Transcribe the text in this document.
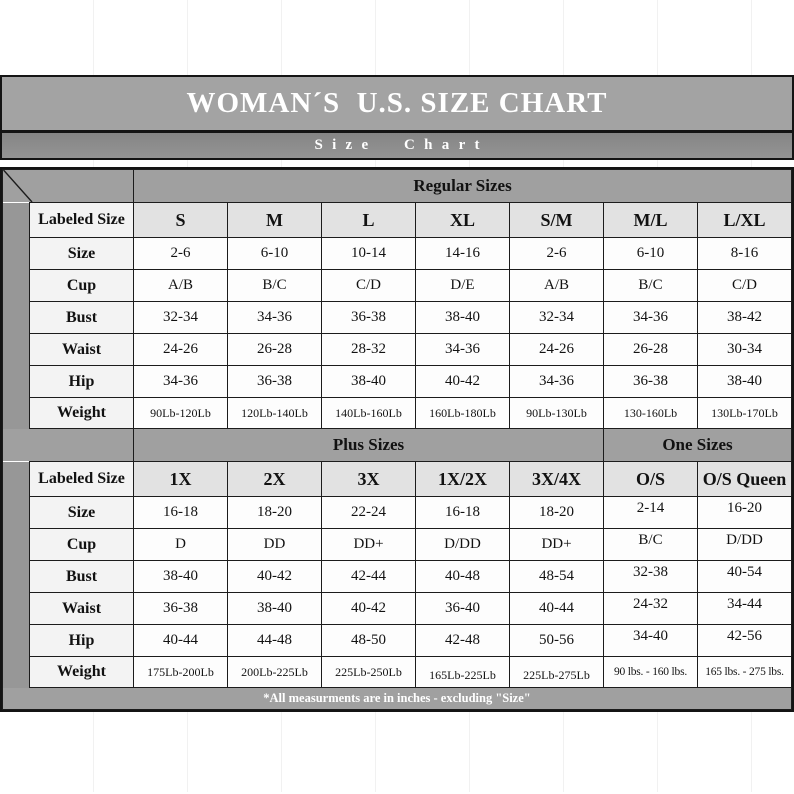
WOMAN´S  U.S. SIZE CHART
Size Chart
	Regular Sizes						
	Labeled Size	S	M	L	XL	S/M	M/L	L/XL
	Size	2-6	6-10	10-14	14-16	2-6	6-10	8-16
	Cup	A/B	B/C	C/D	D/E	A/B	B/C	C/D
	Bust	32-34	34-36	36-38	38-40	32-34	34-36	38-42
	Waist	24-26	26-28	28-32	34-36	24-26	26-28	30-34
	Hip	34-36	36-38	38-40	40-42	34-36	36-38	38-40
	Weight	90Lb-120Lb	120Lb-140Lb	140Lb-160Lb	160Lb-180Lb	90Lb-130Lb	130-160Lb	130Lb-170Lb
		Plus Sizes					One Sizes	
	Labeled Size	1X	2X	3X	1X/2X	3X/4X	O/S	O/S Queen
	Size	16-18	18-20	22-24	16-18	18-20	2-14	16-20
	Cup	D	DD	DD+	D/DD	DD+	B/C	D/DD
	Bust	38-40	40-42	42-44	40-48	48-54	32-38	40-54
	Waist	36-38	38-40	40-42	36-40	40-44	24-32	34-44
	Hip	40-44	44-48	48-50	42-48	50-56	34-40	42-56
	Weight	175Lb-200Lb	200Lb-225Lb	225Lb-250Lb	165Lb-225Lb	225Lb-275Lb	90 lbs. - 160 lbs.	165 lbs. - 275 lbs.
*All measurments are in inches - excluding "Size"								
